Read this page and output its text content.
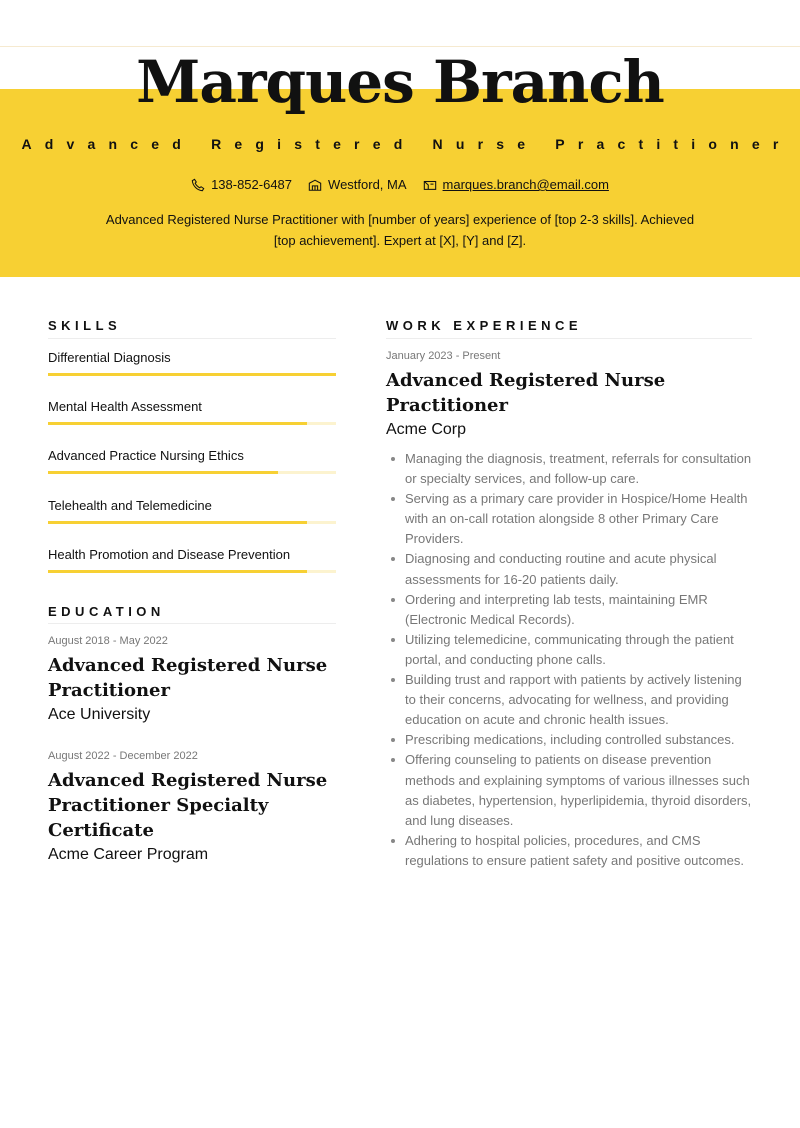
Marques Branch
Advanced Registered Nurse Practitioner
138-852-6487	Westford, MA	marques.branch@email.com

Advanced Registered Nurse Practitioner with [number of years] experience of [top 2-3 skills]. Achieved [top achievement]. Expert at [X], [Y] and [Z].

SKILLS
Differential Diagnosis
Mental Health Assessment
Advanced Practice Nursing Ethics
Telehealth and Telemedicine
Health Promotion and Disease Prevention
EDUCATION
August 2018 - May 2022
Advanced Registered Nurse Practitioner
Ace University
August 2022 - December 2022
Advanced Registered Nurse Practitioner Specialty Certificate
Acme Career Program
WORK EXPERIENCE
January 2023 - Present
Advanced Registered Nurse Practitioner
Acme Corp
Managing the diagnosis, treatment, referrals for consultation or specialty services, and follow-up care.
Serving as a primary care provider in Hospice/Home Health with an on-call rotation alongside 8 other Primary Care Providers.
Diagnosing and conducting routine and acute physical assessments for 16-20 patients daily.
Ordering and interpreting lab tests, maintaining EMR (Electronic Medical Records).
Utilizing telemedicine, communicating through the patient portal, and conducting phone calls.
Building trust and rapport with patients by actively listening to their concerns, advocating for wellness, and providing education on acute and chronic health issues.
Prescribing medications, including controlled substances.
Offering counseling to patients on disease prevention methods and explaining symptoms of various illnesses such as diabetes, hypertension, hyperlipidemia, thyroid disorders, and lung diseases.
Adhering to hospital policies, procedures, and CMS regulations to ensure patient safety and positive outcomes.
